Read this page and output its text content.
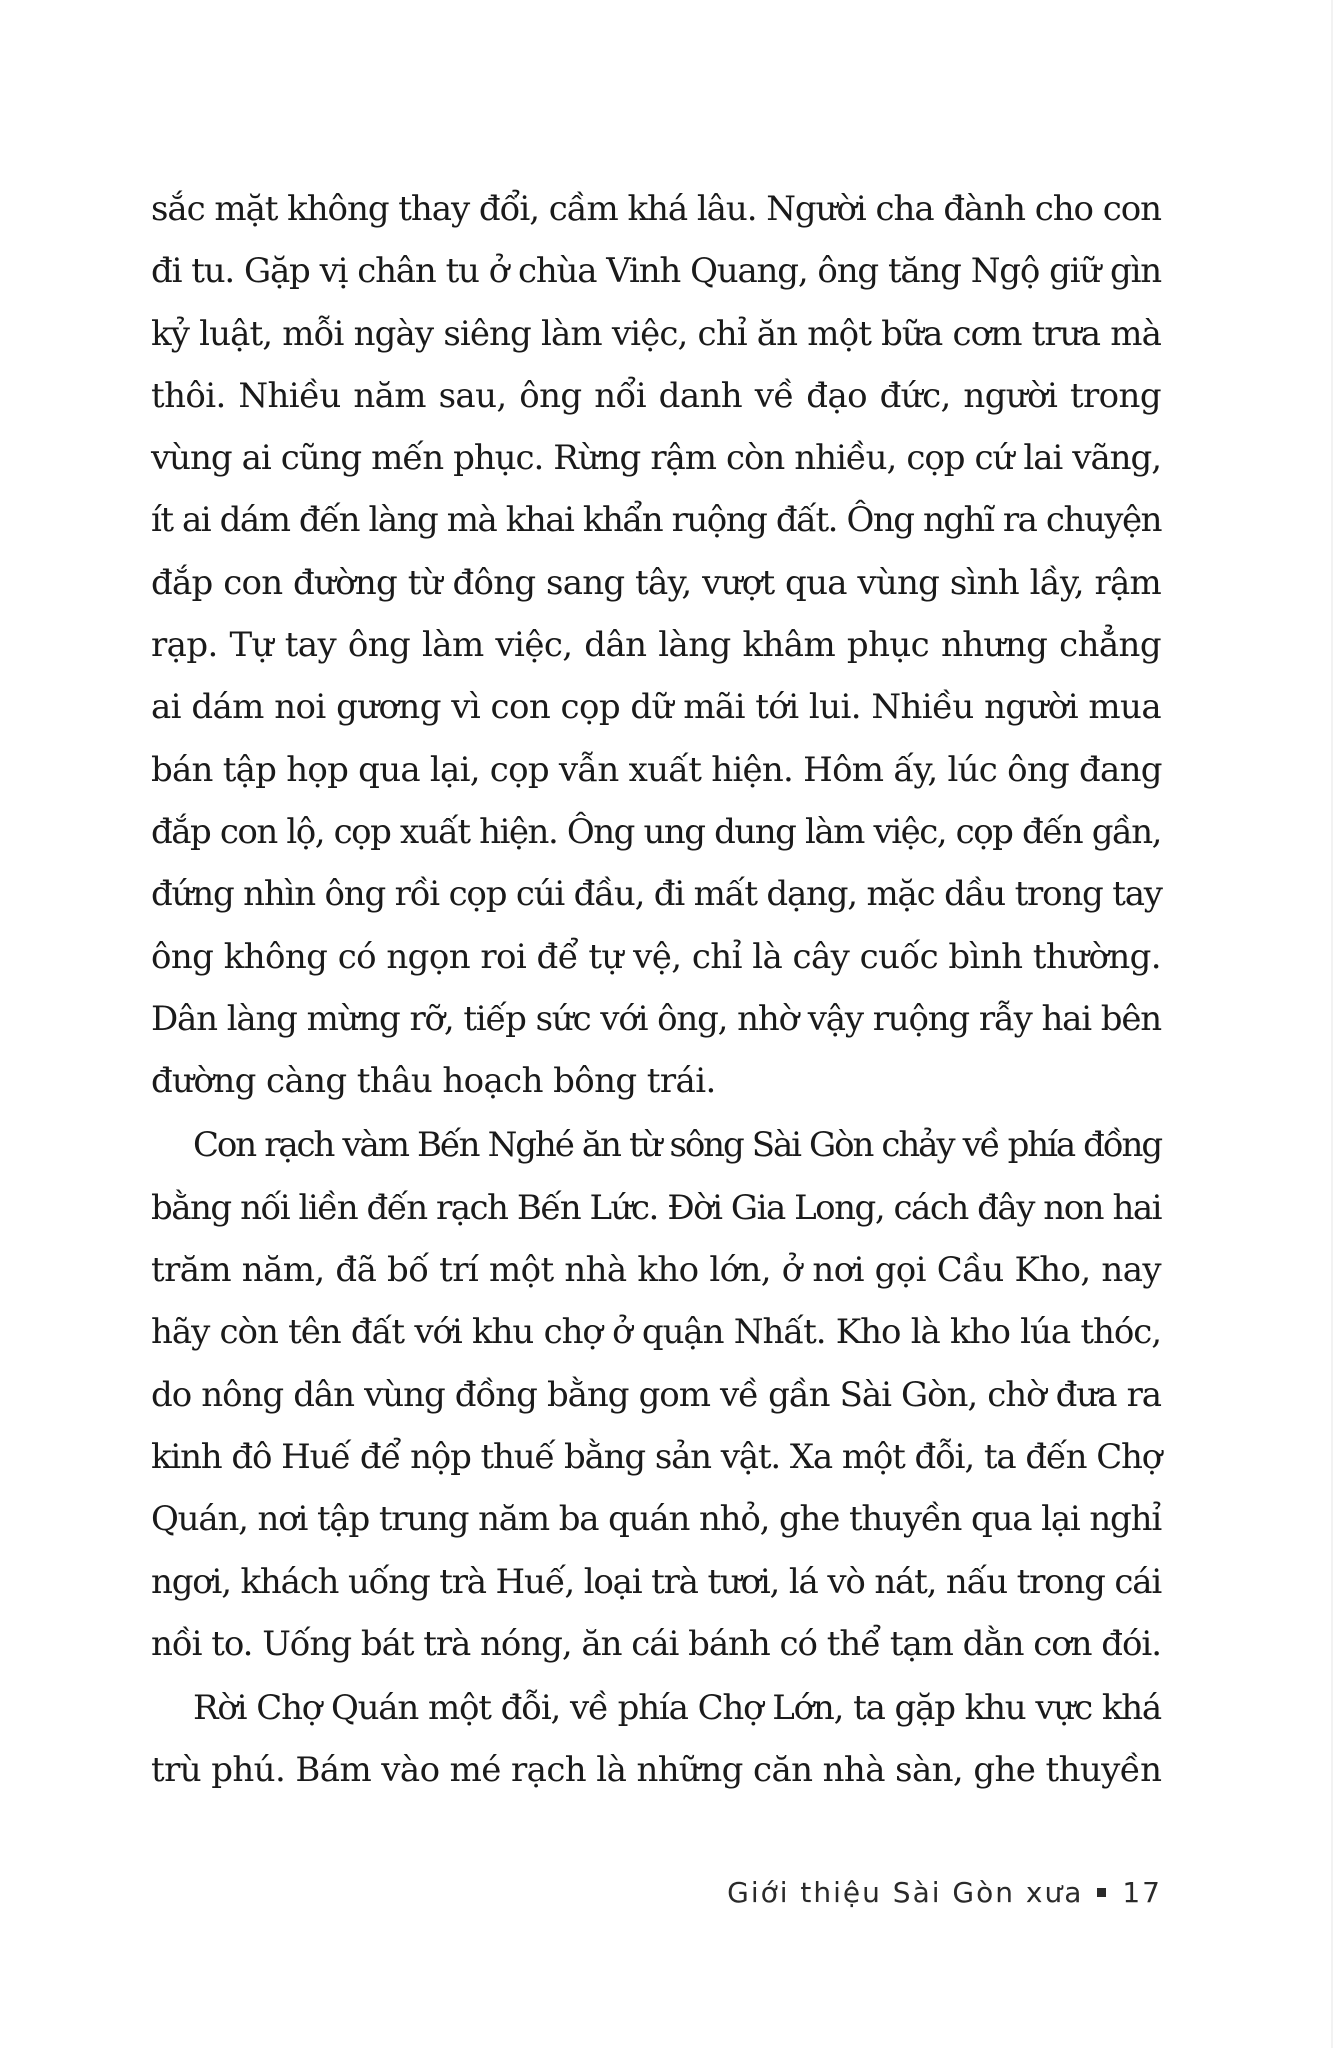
sắc mặt không thay đổi, cầm khá lâu. Người cha đành cho con
đi tu. Gặp vị chân tu ở chùa Vinh Quang, ông tăng Ngộ giữ gìn
kỷ luật, mỗi ngày siêng làm việc, chỉ ăn một bữa cơm trưa mà
thôi. Nhiều năm sau, ông nổi danh về đạo đức, người trong
vùng ai cũng mến phục. Rừng rậm còn nhiều, cọp cứ lai vãng,
ít ai dám đến làng mà khai khẩn ruộng đất. Ông nghĩ ra chuyện
đắp con đường từ đông sang tây, vượt qua vùng sình lầy, rậm
rạp. Tự tay ông làm việc, dân làng khâm phục nhưng chẳng
ai dám noi gương vì con cọp dữ mãi tới lui. Nhiều người mua
bán tập họp qua lại, cọp vẫn xuất hiện. Hôm ấy, lúc ông đang
đắp con lộ, cọp xuất hiện. Ông ung dung làm việc, cọp đến gần,
đứng nhìn ông rồi cọp cúi đầu, đi mất dạng, mặc dầu trong tay
ông không có ngọn roi để tự vệ, chỉ là cây cuốc bình thường.
Dân làng mừng rỡ, tiếp sức với ông, nhờ vậy ruộng rẫy hai bên
đường càng thâu hoạch bông trái.
Con rạch vàm Bến Nghé ăn từ sông Sài Gòn chảy về phía đồng
bằng nối liền đến rạch Bến Lức. Đời Gia Long, cách đây non hai
trăm năm, đã bố trí một nhà kho lớn, ở nơi gọi Cầu Kho, nay
hãy còn tên đất với khu chợ ở quận Nhất. Kho là kho lúa thóc,
do nông dân vùng đồng bằng gom về gần Sài Gòn, chờ đưa ra
kinh đô Huế để nộp thuế bằng sản vật. Xa một đỗi, ta đến Chợ
Quán, nơi tập trung năm ba quán nhỏ, ghe thuyền qua lại nghỉ
ngơi, khách uống trà Huế, loại trà tươi, lá vò nát, nấu trong cái
nồi to. Uống bát trà nóng, ăn cái bánh có thể tạm dằn cơn đói.
Rời Chợ Quán một đỗi, về phía Chợ Lớn, ta gặp khu vực khá
trù phú. Bám vào mé rạch là những căn nhà sàn, ghe thuyền
Giới thiệu Sài Gòn xưa 17
